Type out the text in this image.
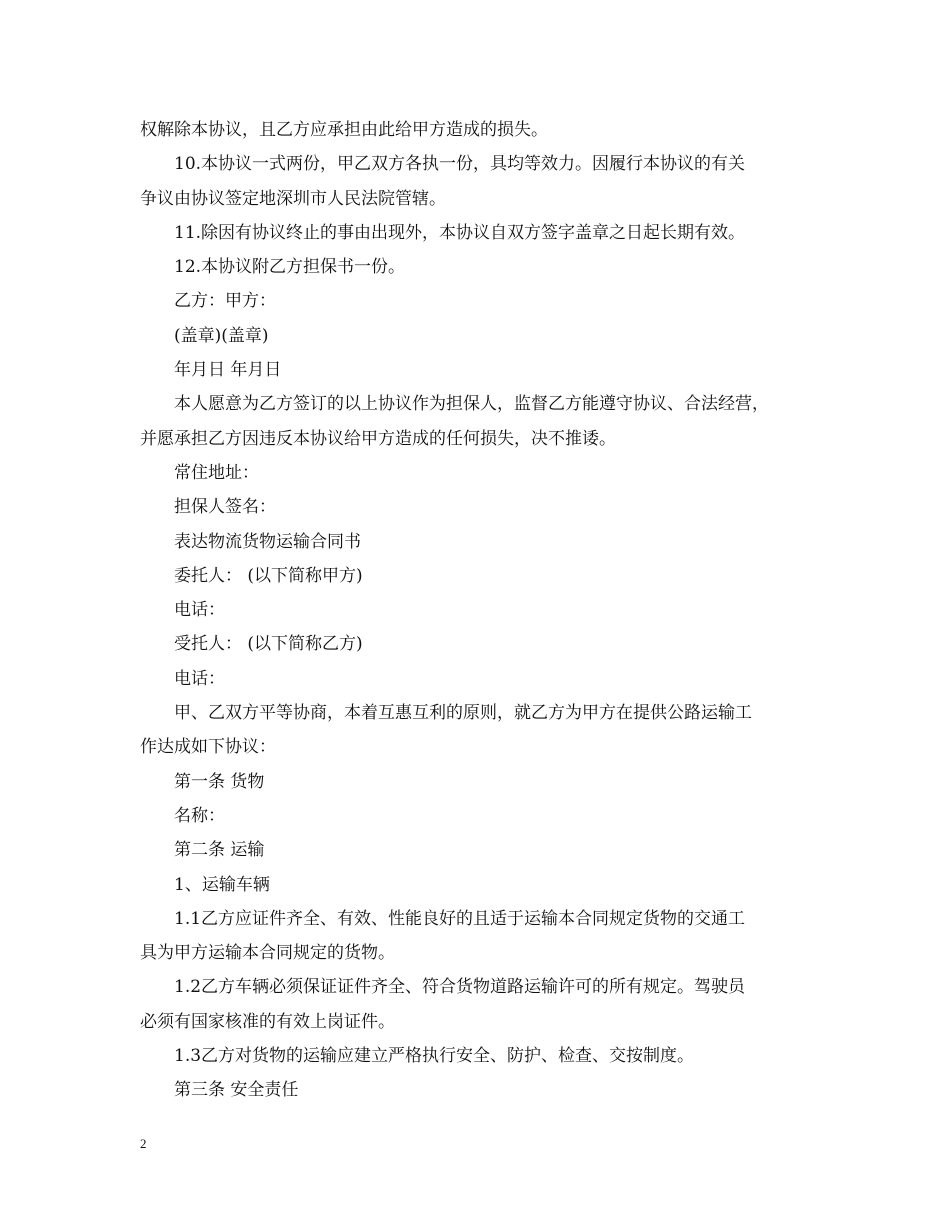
权解除本协议，且乙方应承担由此给甲方造成的损失。
10.本协议一式两份，甲乙双方各执一份，具均等效力。因履行本协议的有关
争议由协议签定地深圳市人民法院管辖。
11.除因有协议终止的事由出现外，本协议自双方签字盖章之日起长期有效。
12.本协议附乙方担保书一份。
乙方：甲方：
(盖章)(盖章)
年月日 年月日
本人愿意为乙方签订的以上协议作为担保人，监督乙方能遵守协议、合法经营，
并愿承担乙方因违反本协议给甲方造成的任何损失，决不推诿。
常住地址：
担保人签名：
表达物流货物运输合同书
委托人： (以下简称甲方)
电话：
受托人： (以下简称乙方)
电话：
甲、乙双方平等协商，本着互惠互利的原则，就乙方为甲方在提供公路运输工
作达成如下协议：
第一条 货物
名称：
第二条 运输
1、运输车辆
1.1乙方应证件齐全、有效、性能良好的且适于运输本合同规定货物的交通工
具为甲方运输本合同规定的货物。
1.2乙方车辆必须保证证件齐全、符合货物道路运输许可的所有规定。驾驶员
必须有国家核准的有效上岗证件。
1.3乙方对货物的运输应建立严格执行安全、防护、检查、交按制度。
第三条 安全责任
2
